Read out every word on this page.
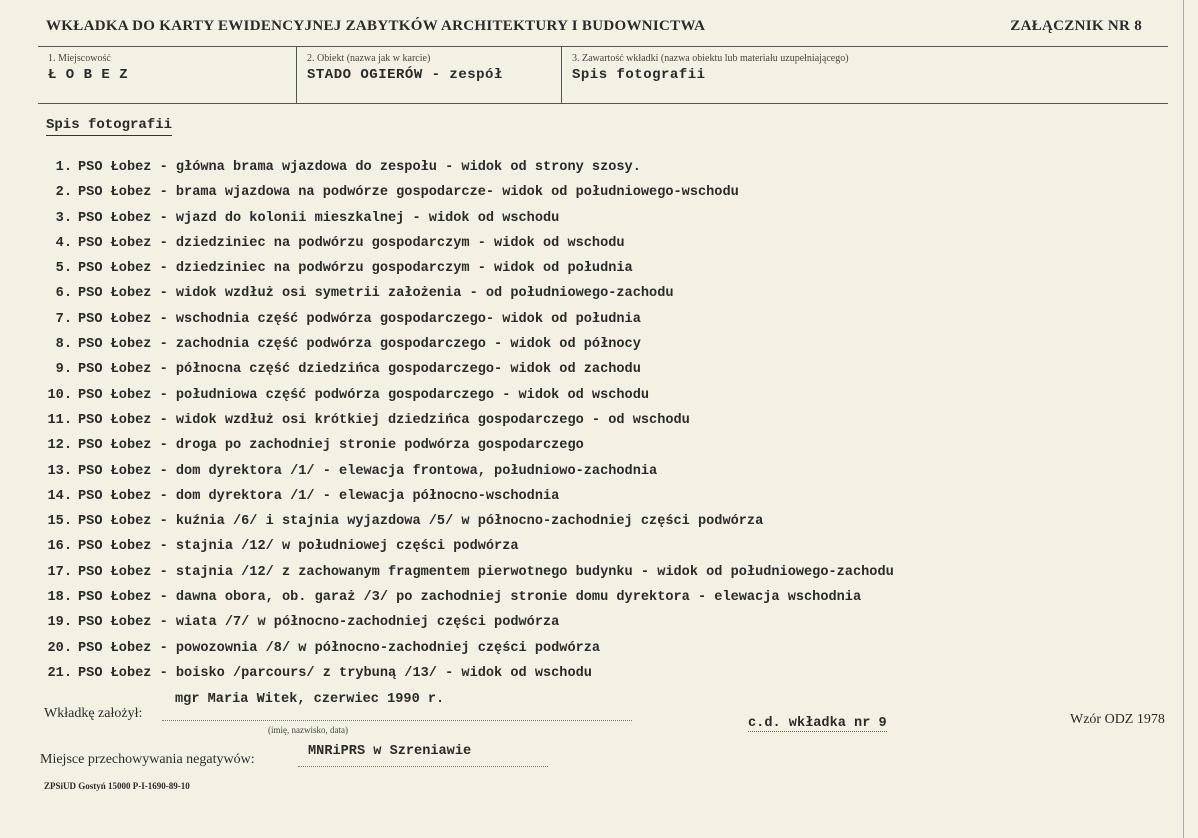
WKŁADKA DO KARTY EWIDENCYJNEJ ZABYTKÓW ARCHITEKTURY I BUDOWNICTWA	ZAŁĄCZNIK NR 8
1. Miejscowość
Ł O B E Z
2. Obiekt (nazwa jak w karcie)
STADO OGIERÓW - zespół
3. Zawartość wkładki (nazwa obiektu lub materiału uzupełniającego)
Spis fotografii
Spis fotografii
1. PSO Łobez - główna brama wjazdowa do zespołu - widok od strony szosy.
2. PSO Łobez - brama wjazdowa na podwórze gospodarcze- widok od południowego-wschodu
3. PSO Łobez - wjazd do kolonii mieszkalnej - widok od wschodu
4. PSO Łobez - dziedziniec na podwórzu gospodarczym - widok od wschodu
5. PSO Łobez - dziedziniec na podwórzu gospodarczym - widok od południa
6. PSO Łobez - widok wzdłuż osi symetrii założenia - od południowego-zachodu
7. PSO Łobez - wschodnia część podwórza gospodarczego- widok od południa
8. PSO Łobez - zachodnia część podwórza gospodarczego - widok od północy
9. PSO Łobez - północna część dziedzińca gospodarczego- widok od zachodu
10. PSO Łobez - południowa część podwórza gospodarczego - widok od wschodu
11. PSO Łobez - widok wzdłuż osi krótkiej dziedzińca gospodarczego - od wschodu
12. PSO Łobez - droga po zachodniej stronie podwórza gospodarczego
13. PSO Łobez - dom dyrektora /1/ - elewacja frontowa, południowo-zachodnia
14. PSO Łobez - dom dyrektora /1/ - elewacja północno-wschodnia
15. PSO Łobez - kuźnia /6/ i stajnia wyjazdowa /5/ w północno-zachodniej części podwórza
16. PSO Łobez - stajnia /12/ w południowej części podwórza
17. PSO Łobez - stajnia /12/ z zachowanym fragmentem pierwotnego budynku - widok od południowego-zachodu
18. PSO Łobez - dawna obora, ob. garaż /3/ po zachodniej stronie domu dyrektora - elewacja wschodnia
19. PSO Łobez - wiata /7/ w północno-zachodniej części podwórza
20. PSO Łobez - powozownia /8/ w północno-zachodniej części podwórza
21. PSO Łobez - boisko /parcours/ z trybuną /13/ - widok od wschodu
Wkładkę założył:
mgr Maria Witek, czerwiec 1990 r.
(imię, nazwisko, data)	c.d. wkładka nr 9	Wzór ODZ 1978
Miejsce przechowywania negatywów:
MNRiPRS w Szreniawie
ZPSiUD Gostyń 15000 P-I-1690-89-10
